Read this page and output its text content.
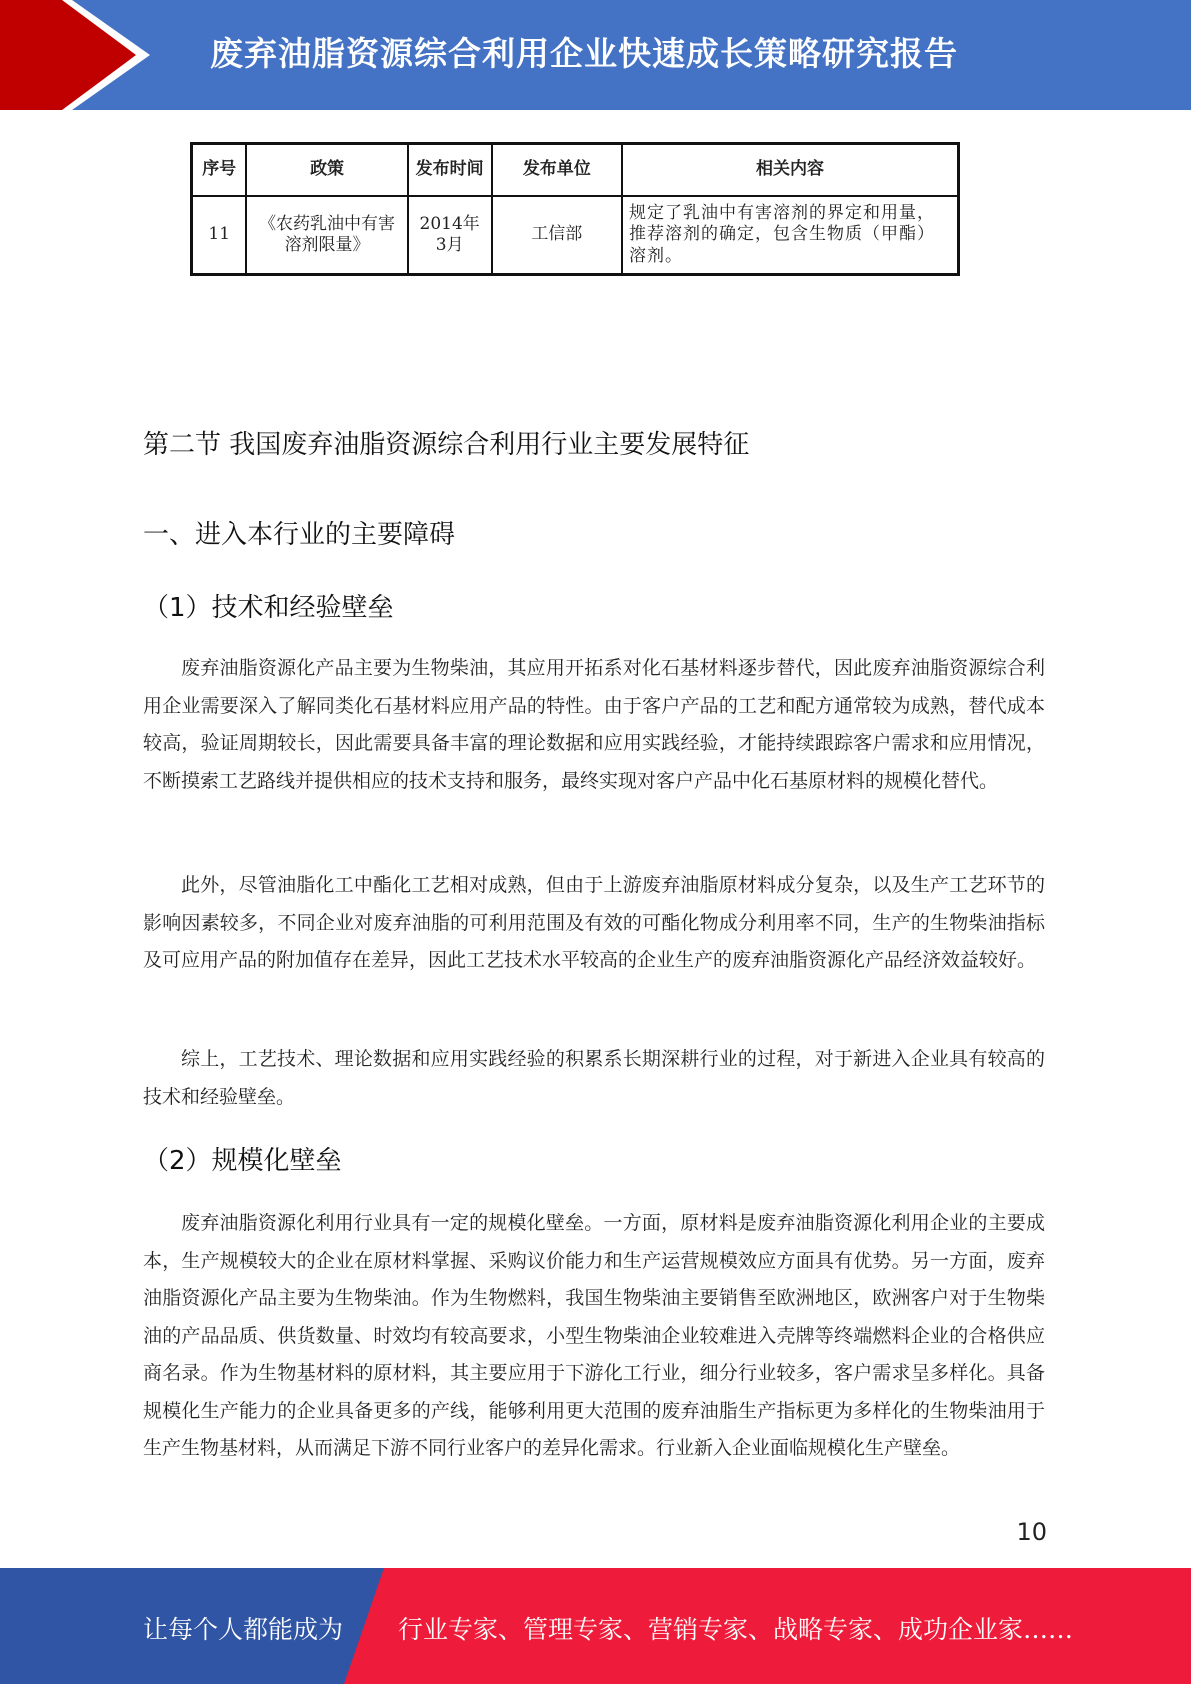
废弃油脂资源综合利用企业快速成长策略研究报告
序号	政策	发布时间	发布单位	相关内容
11	《农药乳油中有害溶剂限量》	2014年3月	工信部	规定了乳油中有害溶剂的界定和用量，推荐溶剂的确定，包含生物质（甲酯）溶剂。
第二节 我国废弃油脂资源综合利用行业主要发展特征
一、进入本行业的主要障碍
（1）技术和经验壁垒

废弃油脂资源化产品主要为生物柴油，其应用开拓系对化石基材料逐步替代，因此废弃油脂资源综合利用企业需要深入了解同类化石基材料应用产品的特性。由于客户产品的工艺和配方通常较为成熟，替代成本较高，验证周期较长，因此需要具备丰富的理论数据和应用实践经验，才能持续跟踪客户需求和应用情况，不断摸索工艺路线并提供相应的技术支持和服务，最终实现对客户产品中化石基原材料的规模化替代。

此外，尽管油脂化工中酯化工艺相对成熟，但由于上游废弃油脂原材料成分复杂，以及生产工艺环节的影响因素较多，不同企业对废弃油脂的可利用范围及有效的可酯化物成分利用率不同，生产的生物柴油指标及可应用产品的附加值存在差异，因此工艺技术水平较高的企业生产的废弃油脂资源化产品经济效益较好。

综上，工艺技术、理论数据和应用实践经验的积累系长期深耕行业的过程，对于新进入企业具有较高的技术和经验壁垒。

（2）规模化壁垒

废弃油脂资源化利用行业具有一定的规模化壁垒。一方面，原材料是废弃油脂资源化利用企业的主要成本，生产规模较大的企业在原材料掌握、采购议价能力和生产运营规模效应方面具有优势。另一方面，废弃油脂资源化产品主要为生物柴油。作为生物燃料，我国生物柴油主要销售至欧洲地区，欧洲客户对于生物柴油的产品品质、供货数量、时效均有较高要求，小型生物柴油企业较难进入壳牌等终端燃料企业的合格供应商名录。作为生物基材料的原材料，其主要应用于下游化工行业，细分行业较多，客户需求呈多样化。具备规模化生产能力的企业具备更多的产线，能够利用更大范围的废弃油脂生产指标更为多样化的生物柴油用于生产生物基材料，从而满足下游不同行业客户的差异化需求。行业新入企业面临规模化生产壁垒。

10
让每个人都能成为 行业专家、管理专家、营销专家、战略专家、成功企业家……
